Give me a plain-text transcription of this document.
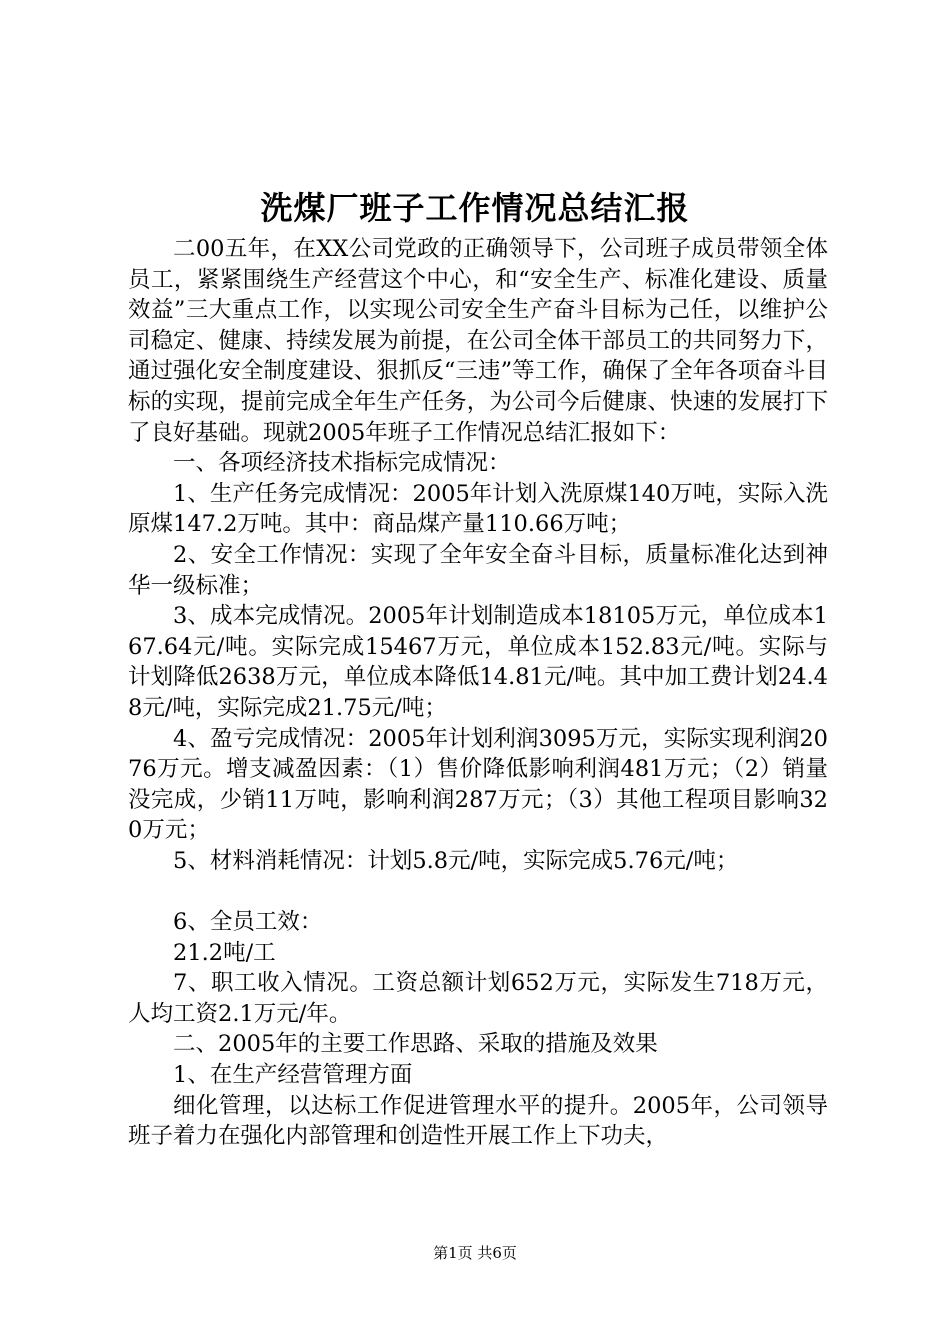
洗煤厂班子工作情况总结汇报

二00五年，在XX公司党政的正确领导下，公司班子成员带领全体员工，紧紧围绕生产经营这个中心，和“安全生产、标准化建设、质量效益”三大重点工作，以实现公司安全生产奋斗目标为己任，以维护公司稳定、健康、持续发展为前提，在公司全体干部员工的共同努力下，通过强化安全制度建设、狠抓反“三违”等工作，确保了全年各项奋斗目标的实现，提前完成全年生产任务，为公司今后健康、快速的发展打下了良好基础。现就2005年班子工作情况总结汇报如下：

一、各项经济技术指标完成情况：

1、生产任务完成情况：2005年计划入洗原煤140万吨，实际入洗原煤147.2万吨。其中：商品煤产量110.66万吨；

2、安全工作情况：实现了全年安全奋斗目标，质量标准化达到神华一级标准；

3、成本完成情况。2005年计划制造成本18105万元，单位成本167.64元/吨。实际完成15467万元，单位成本152.83元/吨。实际与计划降低2638万元，单位成本降低14.81元/吨。其中加工费计划24.48元/吨，实际完成21.75元/吨；

4、盈亏完成情况：2005年计划利润3095万元，实际实现利润2076万元。增支减盈因素：（1）售价降低影响利润481万元；（2）销量没完成，少销11万吨，影响利润287万元；（3）其他工程项目影响320万元；

5、材料消耗情况：计划5.8元/吨，实际完成5.76元/吨；

6、全员工效：

21.2吨/工

7、职工收入情况。工资总额计划652万元，实际发生718万元，人均工资2.1万元/年。

二、2005年的主要工作思路、采取的措施及效果

1、在生产经营管理方面

细化管理，以达标工作促进管理水平的提升。2005年，公司领导班子着力在强化内部管理和创造性开展工作上下功夫，

第1页 共6页
